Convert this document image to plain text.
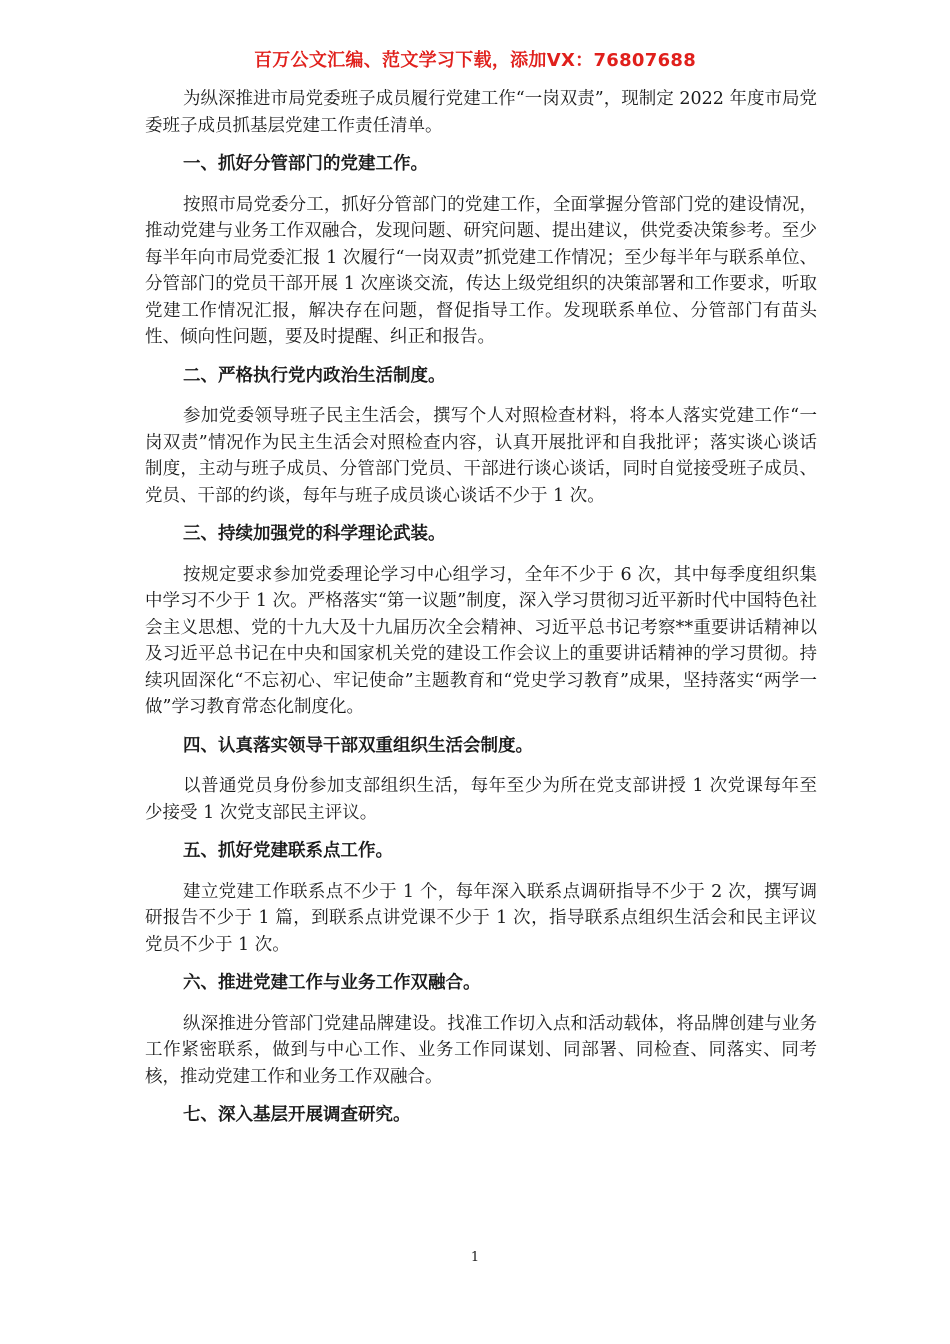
百万公文汇编、范文学习下载，添加VX：76807688

为纵深推进市局党委班子成员履行党建工作“一岗双责”，现制定 2022 年度市局党委班子成员抓基层党建工作责任清单。

一、抓好分管部门的党建工作。

按照市局党委分工，抓好分管部门的党建工作，全面掌握分管部门党的建设情况，推动党建与业务工作双融合，发现问题、研究问题、提出建议，供党委决策参考。至少每半年向市局党委汇报 1 次履行“一岗双责”抓党建工作情况；至少每半年与联系单位、分管部门的党员干部开展 1 次座谈交流，传达上级党组织的决策部署和工作要求，听取党建工作情况汇报，解决存在问题，督促指导工作。发现联系单位、分管部门有苗头性、倾向性问题，要及时提醒、纠正和报告。

二、严格执行党内政治生活制度。

参加党委领导班子民主生活会，撰写个人对照检查材料，将本人落实党建工作“一岗双责”情况作为民主生活会对照检查内容，认真开展批评和自我批评；落实谈心谈话制度，主动与班子成员、分管部门党员、干部进行谈心谈话，同时自觉接受班子成员、党员、干部的约谈，每年与班子成员谈心谈话不少于 1 次。

三、持续加强党的科学理论武装。

按规定要求参加党委理论学习中心组学习，全年不少于 6 次，其中每季度组织集中学习不少于 1 次。严格落实“第一议题”制度，深入学习贯彻习近平新时代中国特色社会主义思想、党的十九大及十九届历次全会精神、习近平总书记考察**重要讲话精神以及习近平总书记在中央和国家机关党的建设工作会议上的重要讲话精神的学习贯彻。持续巩固深化“不忘初心、牢记使命”主题教育和“党史学习教育”成果，坚持落实“两学一做”学习教育常态化制度化。

四、认真落实领导干部双重组织生活会制度。

以普通党员身份参加支部组织生活，每年至少为所在党支部讲授 1 次党课每年至少接受 1 次党支部民主评议。

五、抓好党建联系点工作。

建立党建工作联系点不少于 1 个，每年深入联系点调研指导不少于 2 次，撰写调研报告不少于 1 篇，到联系点讲党课不少于 1 次，指导联系点组织生活会和民主评议党员不少于 1 次。

六、推进党建工作与业务工作双融合。

纵深推进分管部门党建品牌建设。找准工作切入点和活动载体，将品牌创建与业务工作紧密联系，做到与中心工作、业务工作同谋划、同部署、同检查、同落实、同考核，推动党建工作和业务工作双融合。

七、深入基层开展调查研究。
1
